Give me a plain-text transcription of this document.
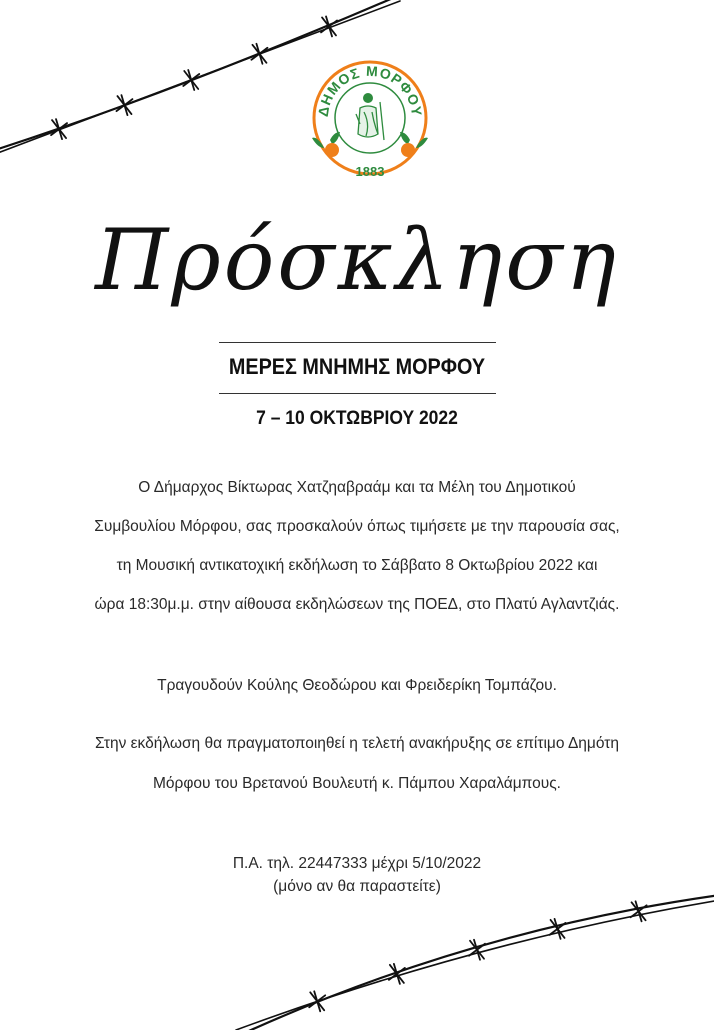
ΔΗΜΟΣ ΜΟΡΦΟΥ
1883
Πρόσκληση
ΜΕΡΕΣ ΜΝΗΜΗΣ ΜΟΡΦΟΥ
7 – 10 ΟΚΤΩΒΡΙΟΥ 2022
Ο Δήμαρχος Βίκτωρας Χατζηαβραάμ και τα Μέλη του Δημοτικού
Συμβουλίου Μόρφου, σας προσκαλούν όπως τιμήσετε με την παρουσία σας,
τη Μουσική αντικατοχική εκδήλωση το Σάββατο 8 Οκτωβρίου 2022 και
ώρα 18:30μ.μ. στην αίθουσα εκδηλώσεων της ΠΟΕΔ, στο Πλατύ Αγλαντζιάς.
Τραγουδούν Κούλης Θεοδώρου και Φρειδερίκη Τομπάζου.
Στην εκδήλωση θα πραγματοποιηθεί η τελετή ανακήρυξης σε επίτιμο Δημότη
Μόρφου του Βρετανού Βουλευτή κ. Πάμπου Χαραλάμπους.
Π.Α. τηλ. 22447333 μέχρι 5/10/2022
(μόνο αν θα παραστείτε)
